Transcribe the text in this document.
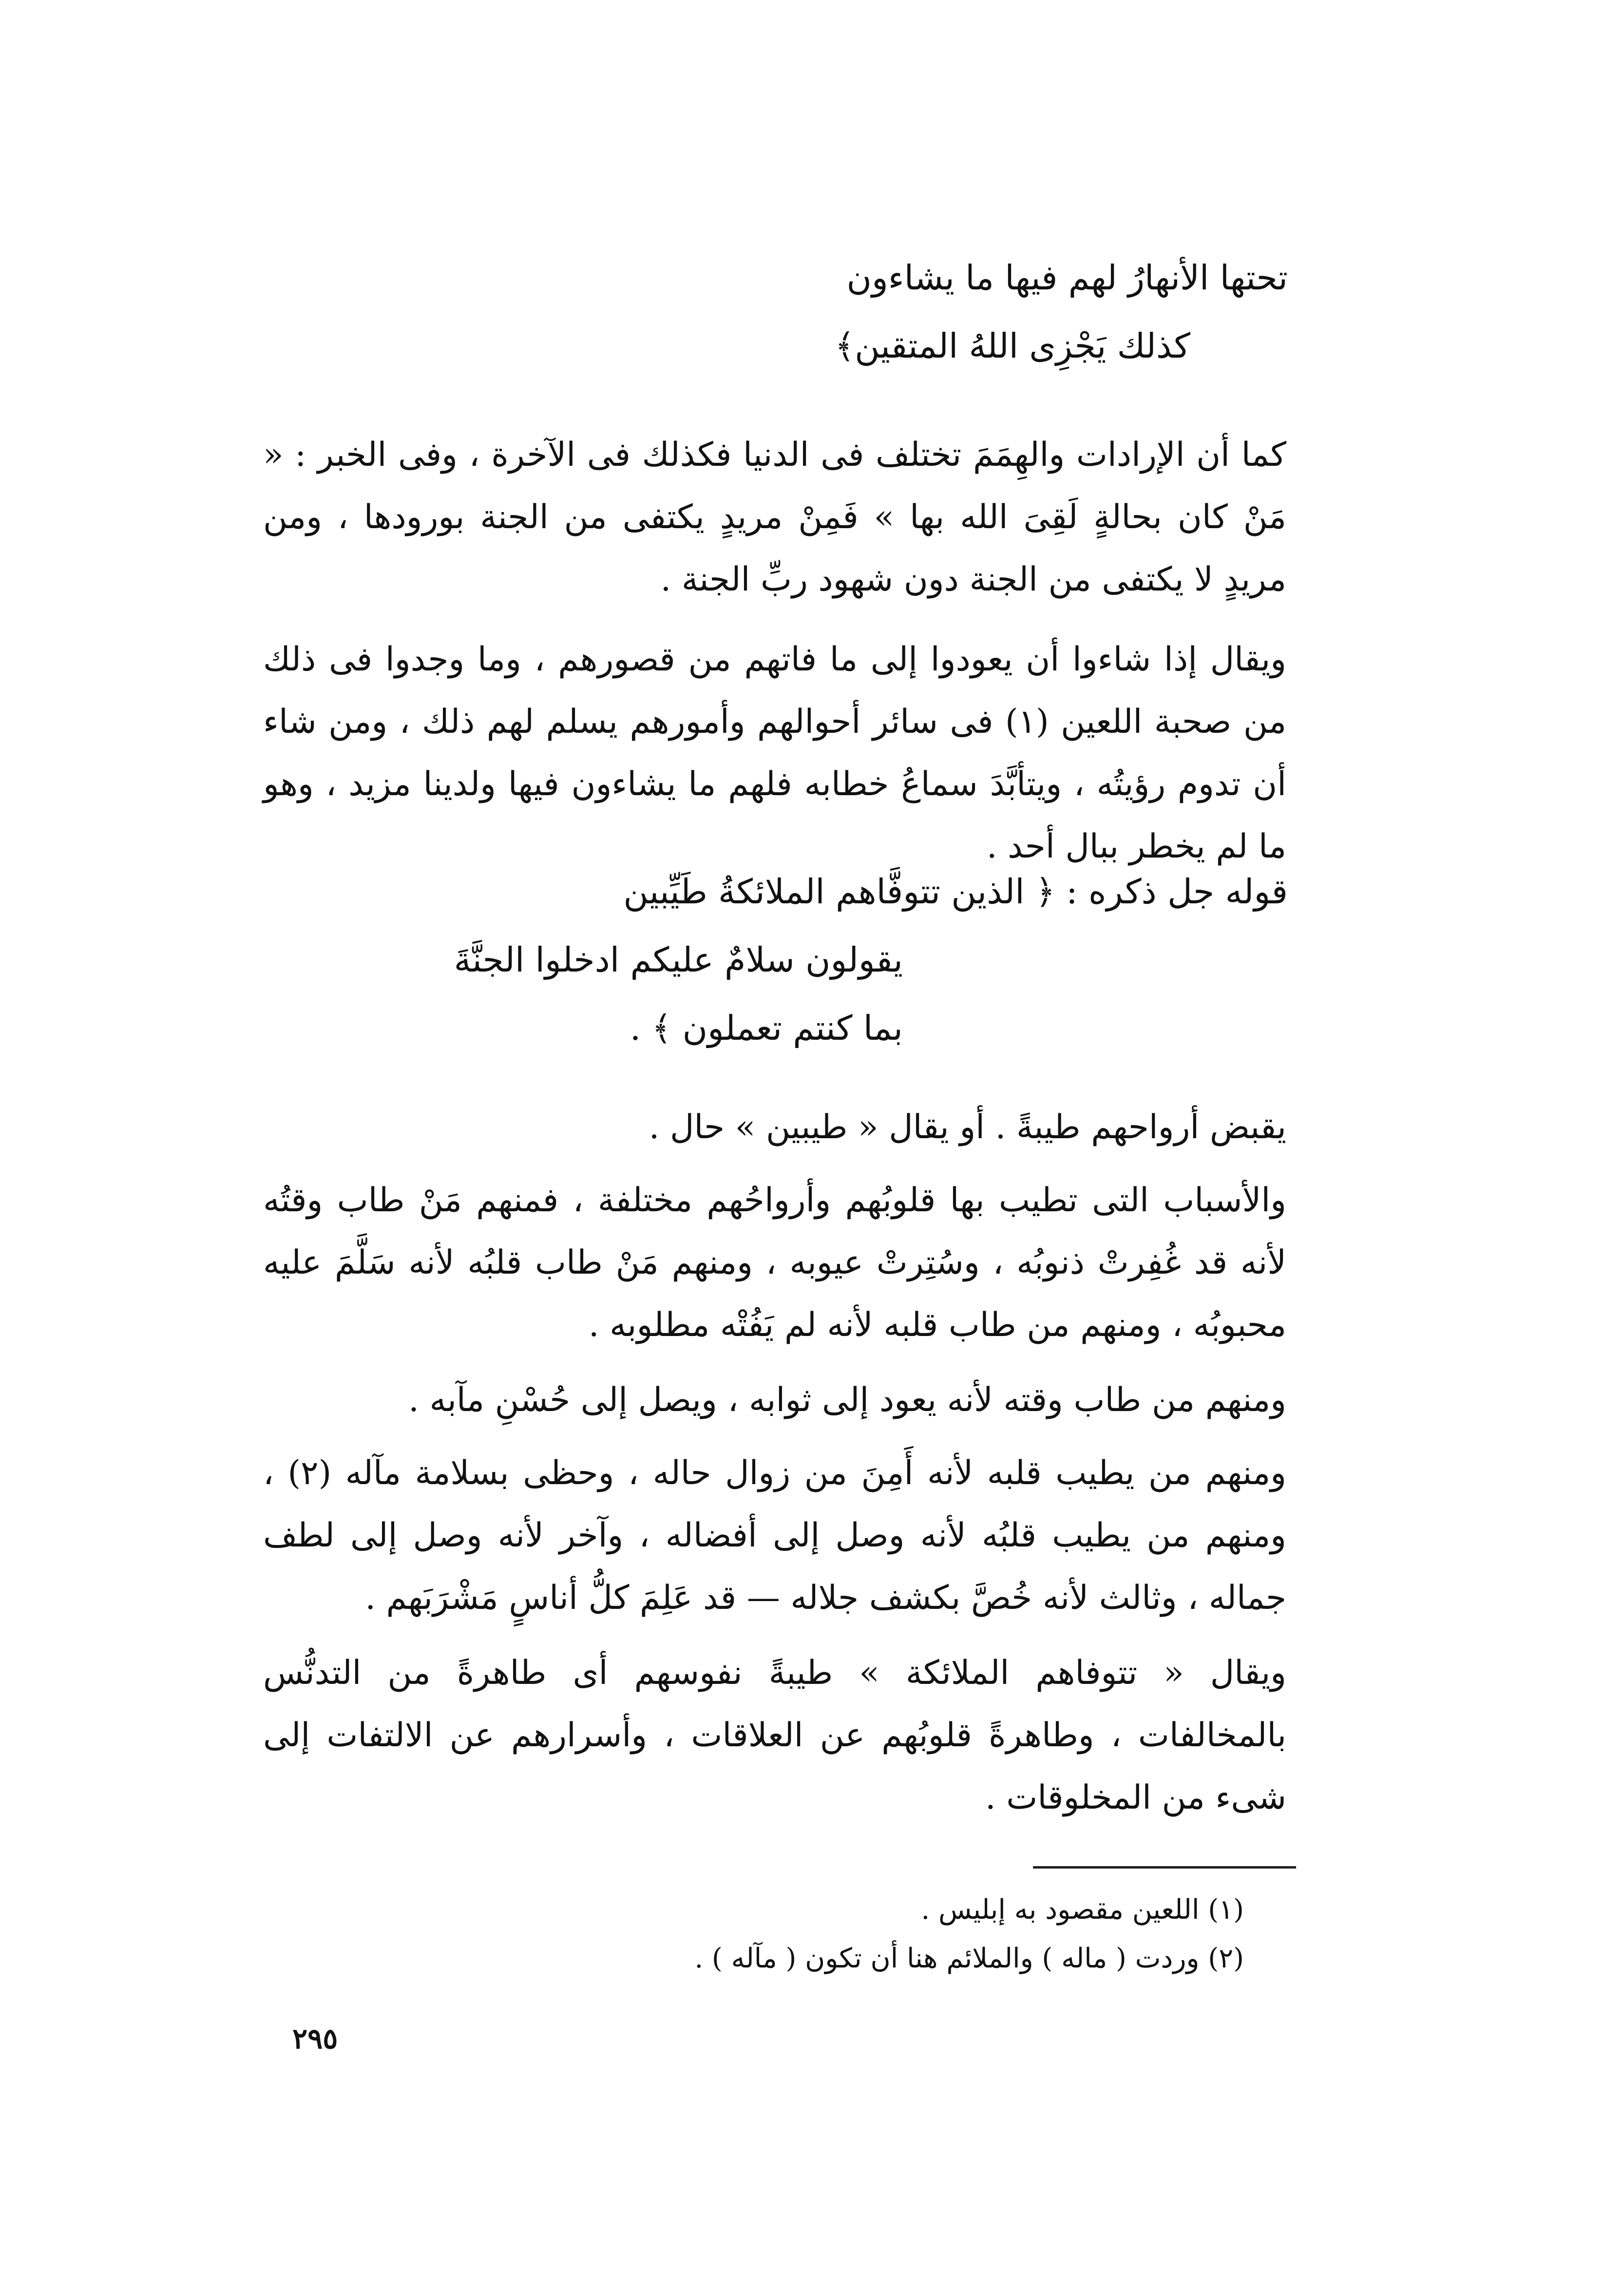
تحتها الأنهارُ لهم فيها ما يشاءون
كذلك يَجْزِى اللهُ المتقين﴾
كما أن الإرادات والهِمَمَ تختلف فى الدنيا فكذلك فى الآخرة ، وفى الخبر : « مَنْ كان بحالةٍ لَقِىَ الله بها » فَمِنْ مريدٍ يكتفى من الجنة بورودها ، ومن مريدٍ لا يكتفى من الجنة دون شهود ربِّ الجنة .
ويقال إذا شاءوا أن يعودوا إلى ما فاتهم من قصورهم ، وما وجدوا فى ذلك من صحبة اللعين (١) فى سائر أحوالهم وأمورهم يسلم لهم ذلك ، ومن شاء أن تدوم رؤيتُه ، ويتأبَّدَ سماعُ خطابه فلهم ما يشاءون فيها ولدينا مزيد ، وهو ما لم يخطر ببال أحد .
قوله جل ذكره : ﴿ الذين تتوفَّاهم الملائكةُ طَيِّبين
يقولون سلامٌ عليكم ادخلوا الجنَّةَ
بما كنتم تعملون ﴾ .
يقبض أرواحهم طيبةً . أو يقال « طيبين » حال .
والأسباب التى تطيب بها قلوبُهم وأرواحُهم مختلفة ، فمنهم مَنْ طاب وقتُه لأنه قد غُفِرتْ ذنوبُه ، وسُتِرتْ عيوبه ، ومنهم مَنْ طاب قلبُه لأنه سَلَّمَ عليه محبوبُه ، ومنهم من طاب قلبه لأنه لم يَفُتْه مطلوبه .
ومنهم من طاب وقته لأنه يعود إلى ثوابه ، ويصل إلى حُسْنِ مآبه .
ومنهم من يطيب قلبه لأنه أَمِنَ من زوال حاله ، وحظى بسلامة مآله (٢) ، ومنهم من يطيب قلبُه لأنه وصل إلى أفضاله ، وآخر لأنه وصل إلى لطف جماله ، وثالث لأنه خُصَّ بكشف جلاله — قد عَلِمَ كلُّ أناسٍ مَشْرَبَهم .
ويقال « تتوفاهم الملائكة » طيبةً نفوسهم أى طاهرةً من التدنُّس بالمخالفات ، وطاهرةً قلوبُهم عن العلاقات ، وأسرارهم عن الالتفات إلى شىء من المخلوقات .
(١) اللعين مقصود به إبليس .
(٢) وردت ( ماله ) والملائم هنا أن تكون ( مآله ) .
٢٩٥
